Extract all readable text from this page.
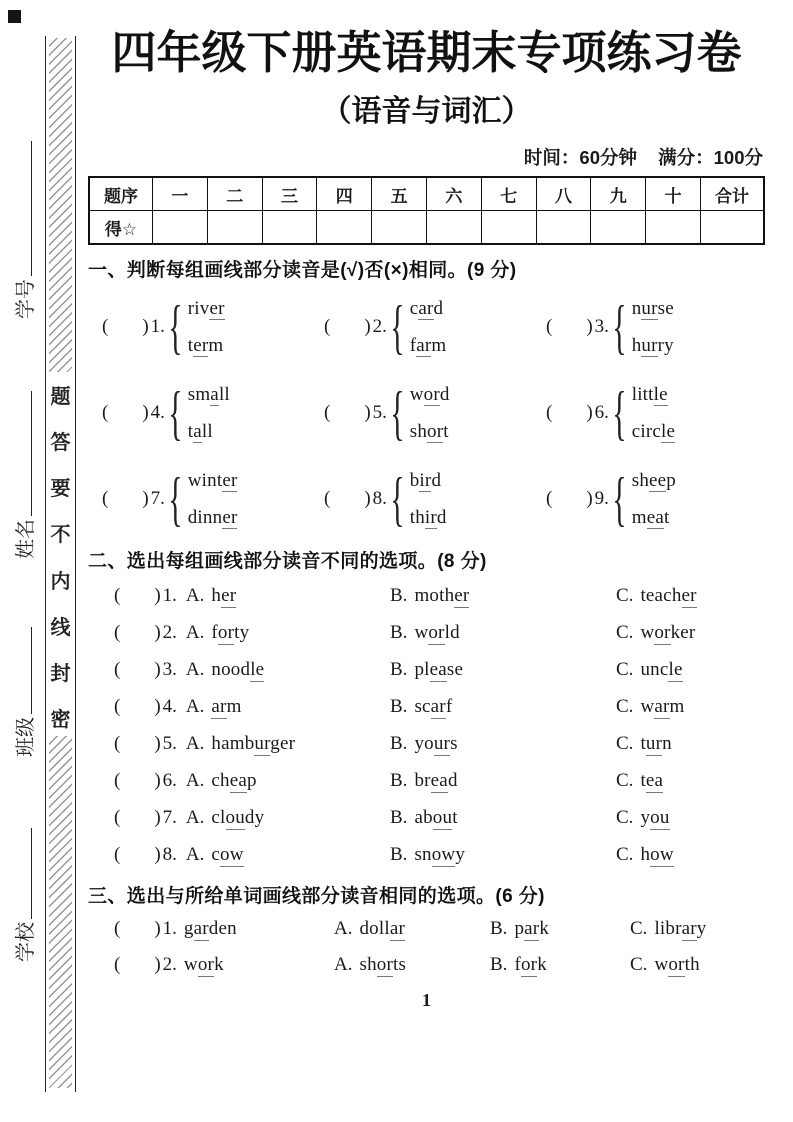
学号
姓名
班级
学校
题
答
要
不
内
线
封
密
四年级下册英语期末专项练习卷
（语音与词汇）
时间：60分钟 满分：100分
题序	一	二	三	四	五	六	七	八	九	十	合计
得☆											
一、判断每组画线部分读音是(√)否(×)相同。(9 分)
( ) 1. { river
term
( ) 2. { card
farm
( ) 3. { nurse
hurry
( ) 4. { small
tall
( ) 5. { word
short
( ) 6. { little
circle
( ) 7. { winter
dinner
( ) 8. { bird
third
( ) 9. { sheep
meat
二、选出每组画线部分读音不同的选项。(8 分)
( ) 1. A. her	B. mother	C. teacher
( ) 2. A. forty	B. world	C. worker
( ) 3. A. noodle	B. please	C. uncle
( ) 4. A. arm	B. scarf	C. warm
( ) 5. A. hamburger	B. yours	C. turn
( ) 6. A. cheap	B. bread	C. tea
( ) 7. A. cloudy	B. about	C. you
( ) 8. A. cow	B. snowy	C. how
三、选出与所给单词画线部分读音相同的选项。(6 分)
( ) 1. garden	A. dollar	B. park	C. library
( ) 2. work	A. shorts	B. fork	C. worth
1
